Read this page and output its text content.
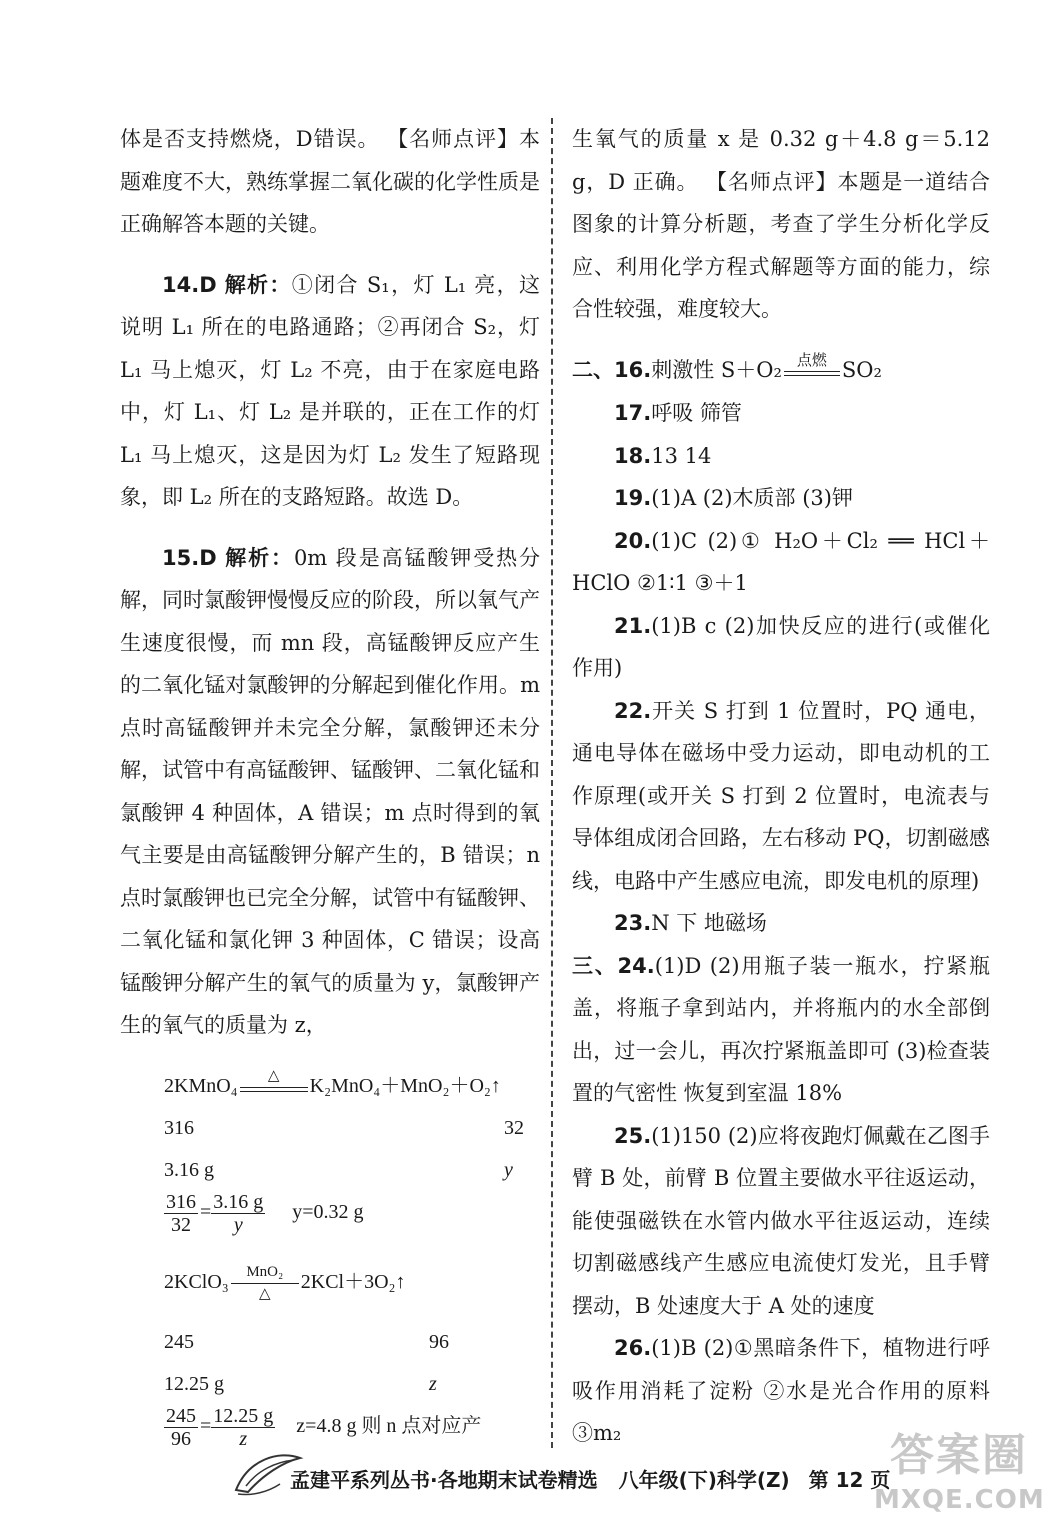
体是否支持燃烧，D错误。 【名师点评】本题难度不大，熟练掌握二氧化碳的化学性质是正确解答本题的关键。

14.D 解析：①闭合 S₁，灯 L₁ 亮，这说明 L₁ 所在的电路通路；②再闭合 S₂，灯 L₁ 马上熄灭，灯 L₂ 不亮，由于在家庭电路中，灯 L₁、灯 L₂ 是并联的，正在工作的灯 L₁ 马上熄灭，这是因为灯 L₂ 发生了短路现象，即 L₂ 所在的支路短路。故选 D。

15.D 解析：0m 段是高锰酸钾受热分解，同时氯酸钾慢慢反应的阶段，所以氧气产生速度很慢，而 mn 段，高锰酸钾反应产生的二氧化锰对氯酸钾的分解起到催化作用。m 点时高锰酸钾并未完全分解，氯酸钾还未分解，试管中有高锰酸钾、锰酸钾、二氧化锰和氯酸钾 4 种固体，A 错误；m 点时得到的氧气主要是由高锰酸钾分解产生的，B 错误；n 点时氯酸钾也已完全分解，试管中有锰酸钾、二氧化锰和氯化钾 3 种固体，C 错误；设高锰酸钾分解产生的氧气的质量为 y，氯酸钾产生的氧气的质量为 z，

2KMnO₄	△	K₂MnO₄＋MnO₂＋O₂↑
316	32
3.16 g	y
$\frac{316}{32} = \frac{3.16 g}{y} y=0.32$ g
2KClO₃	MnO₂
△
2KCl＋3O₂↑
245	96
12.25 g	z
$\frac{245}{96} = \frac{12.25 g}{z} z=4.8$ g 则 n 点对应产

生氧气的质量 x 是 0.32 g＋4.8 g＝5.12 g，D 正确。 【名师点评】本题是一道结合图象的计算分析题，考查了学生分析化学反应、利用化学方程式解题等方面的能力，综合性较强，难度较大。

二、16.刺激性 S＋O₂ 点燃 SO₂

17.呼吸 筛管

18.13 14

19.(1)A (2)木质部 (3)钾

20.(1)C (2)① H₂O＋Cl₂ ══ HCl＋HClO ②1∶1 ③＋1

21.(1)B c (2)加快反应的进行(或催化作用)

22.开关 S 打到 1 位置时，PQ 通电，通电导体在磁场中受力运动，即电动机的工作原理(或开关 S 打到 2 位置时，电流表与导体组成闭合回路，左右移动 PQ，切割磁感线，电路中产生感应电流，即发电机的原理)

23.N 下 地磁场

三、24.(1)D (2)用瓶子装一瓶水，拧紧瓶盖，将瓶子拿到站内，并将瓶内的水全部倒出，过一会儿，再次拧紧瓶盖即可 (3)检查装置的气密性 恢复到室温 18%

25.(1)150 (2)应将夜跑灯佩戴在乙图手臂 B 处，前臂 B 位置主要做水平往返运动，能使强磁铁在水管内做水平往返运动，连续切割磁感线产生感应电流使灯发光，且手臂摆动，B 处速度大于 A 处的速度

26.(1)B (2)①黑暗条件下，植物进行呼吸作用消耗了淀粉 ②水是光合作用的原料 ③m₂

孟建平系列丛书·各地期末试卷精选 八年级(下)科学(Z) 第 12 页 答案圈
MXQE.COM
